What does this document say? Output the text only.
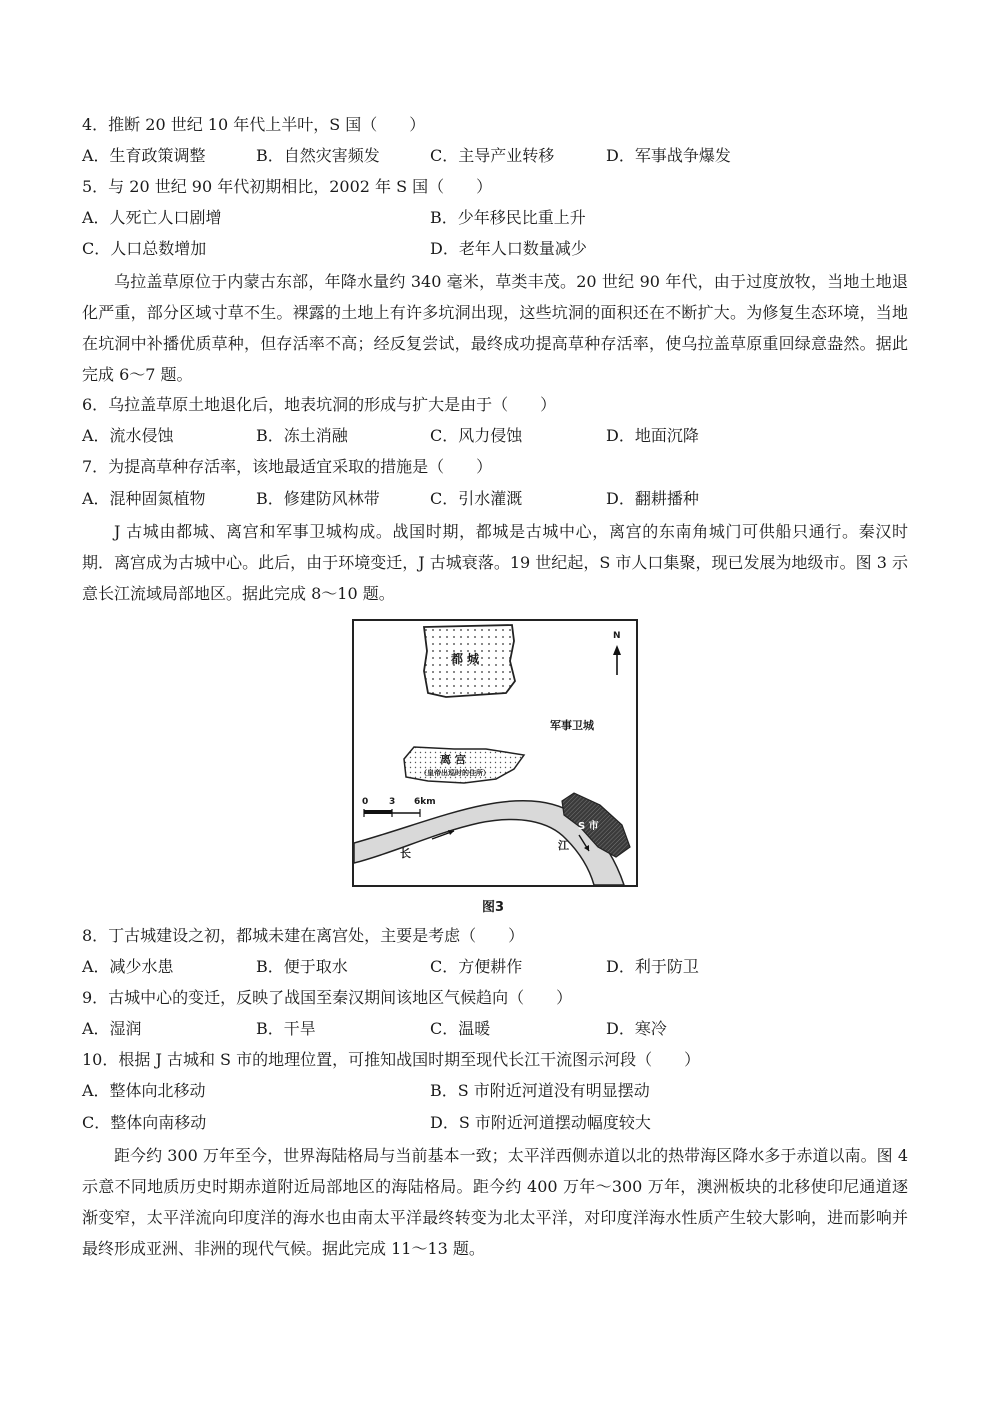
4．推断 20 世纪 10 年代上半叶，S 国（　　）
A．生育政策调整	B．自然灾害频发	C．主导产业转移	D．军事战争爆发
5．与 20 世纪 90 年代初期相比，2002 年 S 国（　　）
A．人死亡人口剧增	B．少年移民比重上升
C．人口总数增加	D．老年人口数量减少
乌拉盖草原位于内蒙古东部，年降水量约 340 毫米，草类丰茂。20 世纪 90 年代，由于过度放牧，当地土地退化严重，部分区域寸草不生。裸露的土地上有许多坑洞出现，这些坑洞的面积还在不断扩大。为修复生态环境，当地在坑洞中补播优质草种，但存活率不高；经反复尝试，最终成功提高草种存活率，使乌拉盖草原重回绿意盎然。据此完成 6～7 题。
6．乌拉盖草原土地退化后，地表坑洞的形成与扩大是由于（　　）
A．流水侵蚀	B．冻土消融	C．风力侵蚀	D．地面沉降
7．为提高草种存活率，该地最适宜采取的措施是（　　）
A．混种固氮植物	B．修建防风林带	C．引水灌溉	D．翻耕播种
J 古城由都城、离宫和军事卫城构成。战国时期，都城是古城中心，离宫的东南角城门可供船只通行。秦汉时期．离宫成为古城中心。此后，由于环境变迁，J 古城衰落。19 世纪起，S 市人口集聚，现已发展为地级市。图 3 示意长江流域局部地区。据此完成 8～10 题。
都 城
军事卫城
离 宫
（皇帝出巡时的住所）
S 市
长
江
N
0 3 6km
图3
8．丁古城建设之初，都城未建在离宫处，主要是考虑（　　）
A．减少水患	B．便于取水	C．方便耕作	D．利于防卫
9．古城中心的变迁，反映了战国至秦汉期间该地区气候趋向（　　）
A．湿润	B．干旱	C．温暖	D．寒冷
10．根据 J 古城和 S 市的地理位置，可推知战国时期至现代长江干流图示河段（　　）
A．整体向北移动	B．S 市附近河道没有明显摆动
C．整体向南移动	D．S 市附近河道摆动幅度较大
距今约 300 万年至今，世界海陆格局与当前基本一致；太平洋西侧赤道以北的热带海区降水多于赤道以南。图 4 示意不同地质历史时期赤道附近局部地区的海陆格局。距今约 400 万年～300 万年，澳洲板块的北移使印尼通道逐渐变窄，太平洋流向印度洋的海水也由南太平洋最终转变为北太平洋，对印度洋海水性质产生较大影响，进而影响并最终形成亚洲、非洲的现代气候。据此完成 11～13 题。
